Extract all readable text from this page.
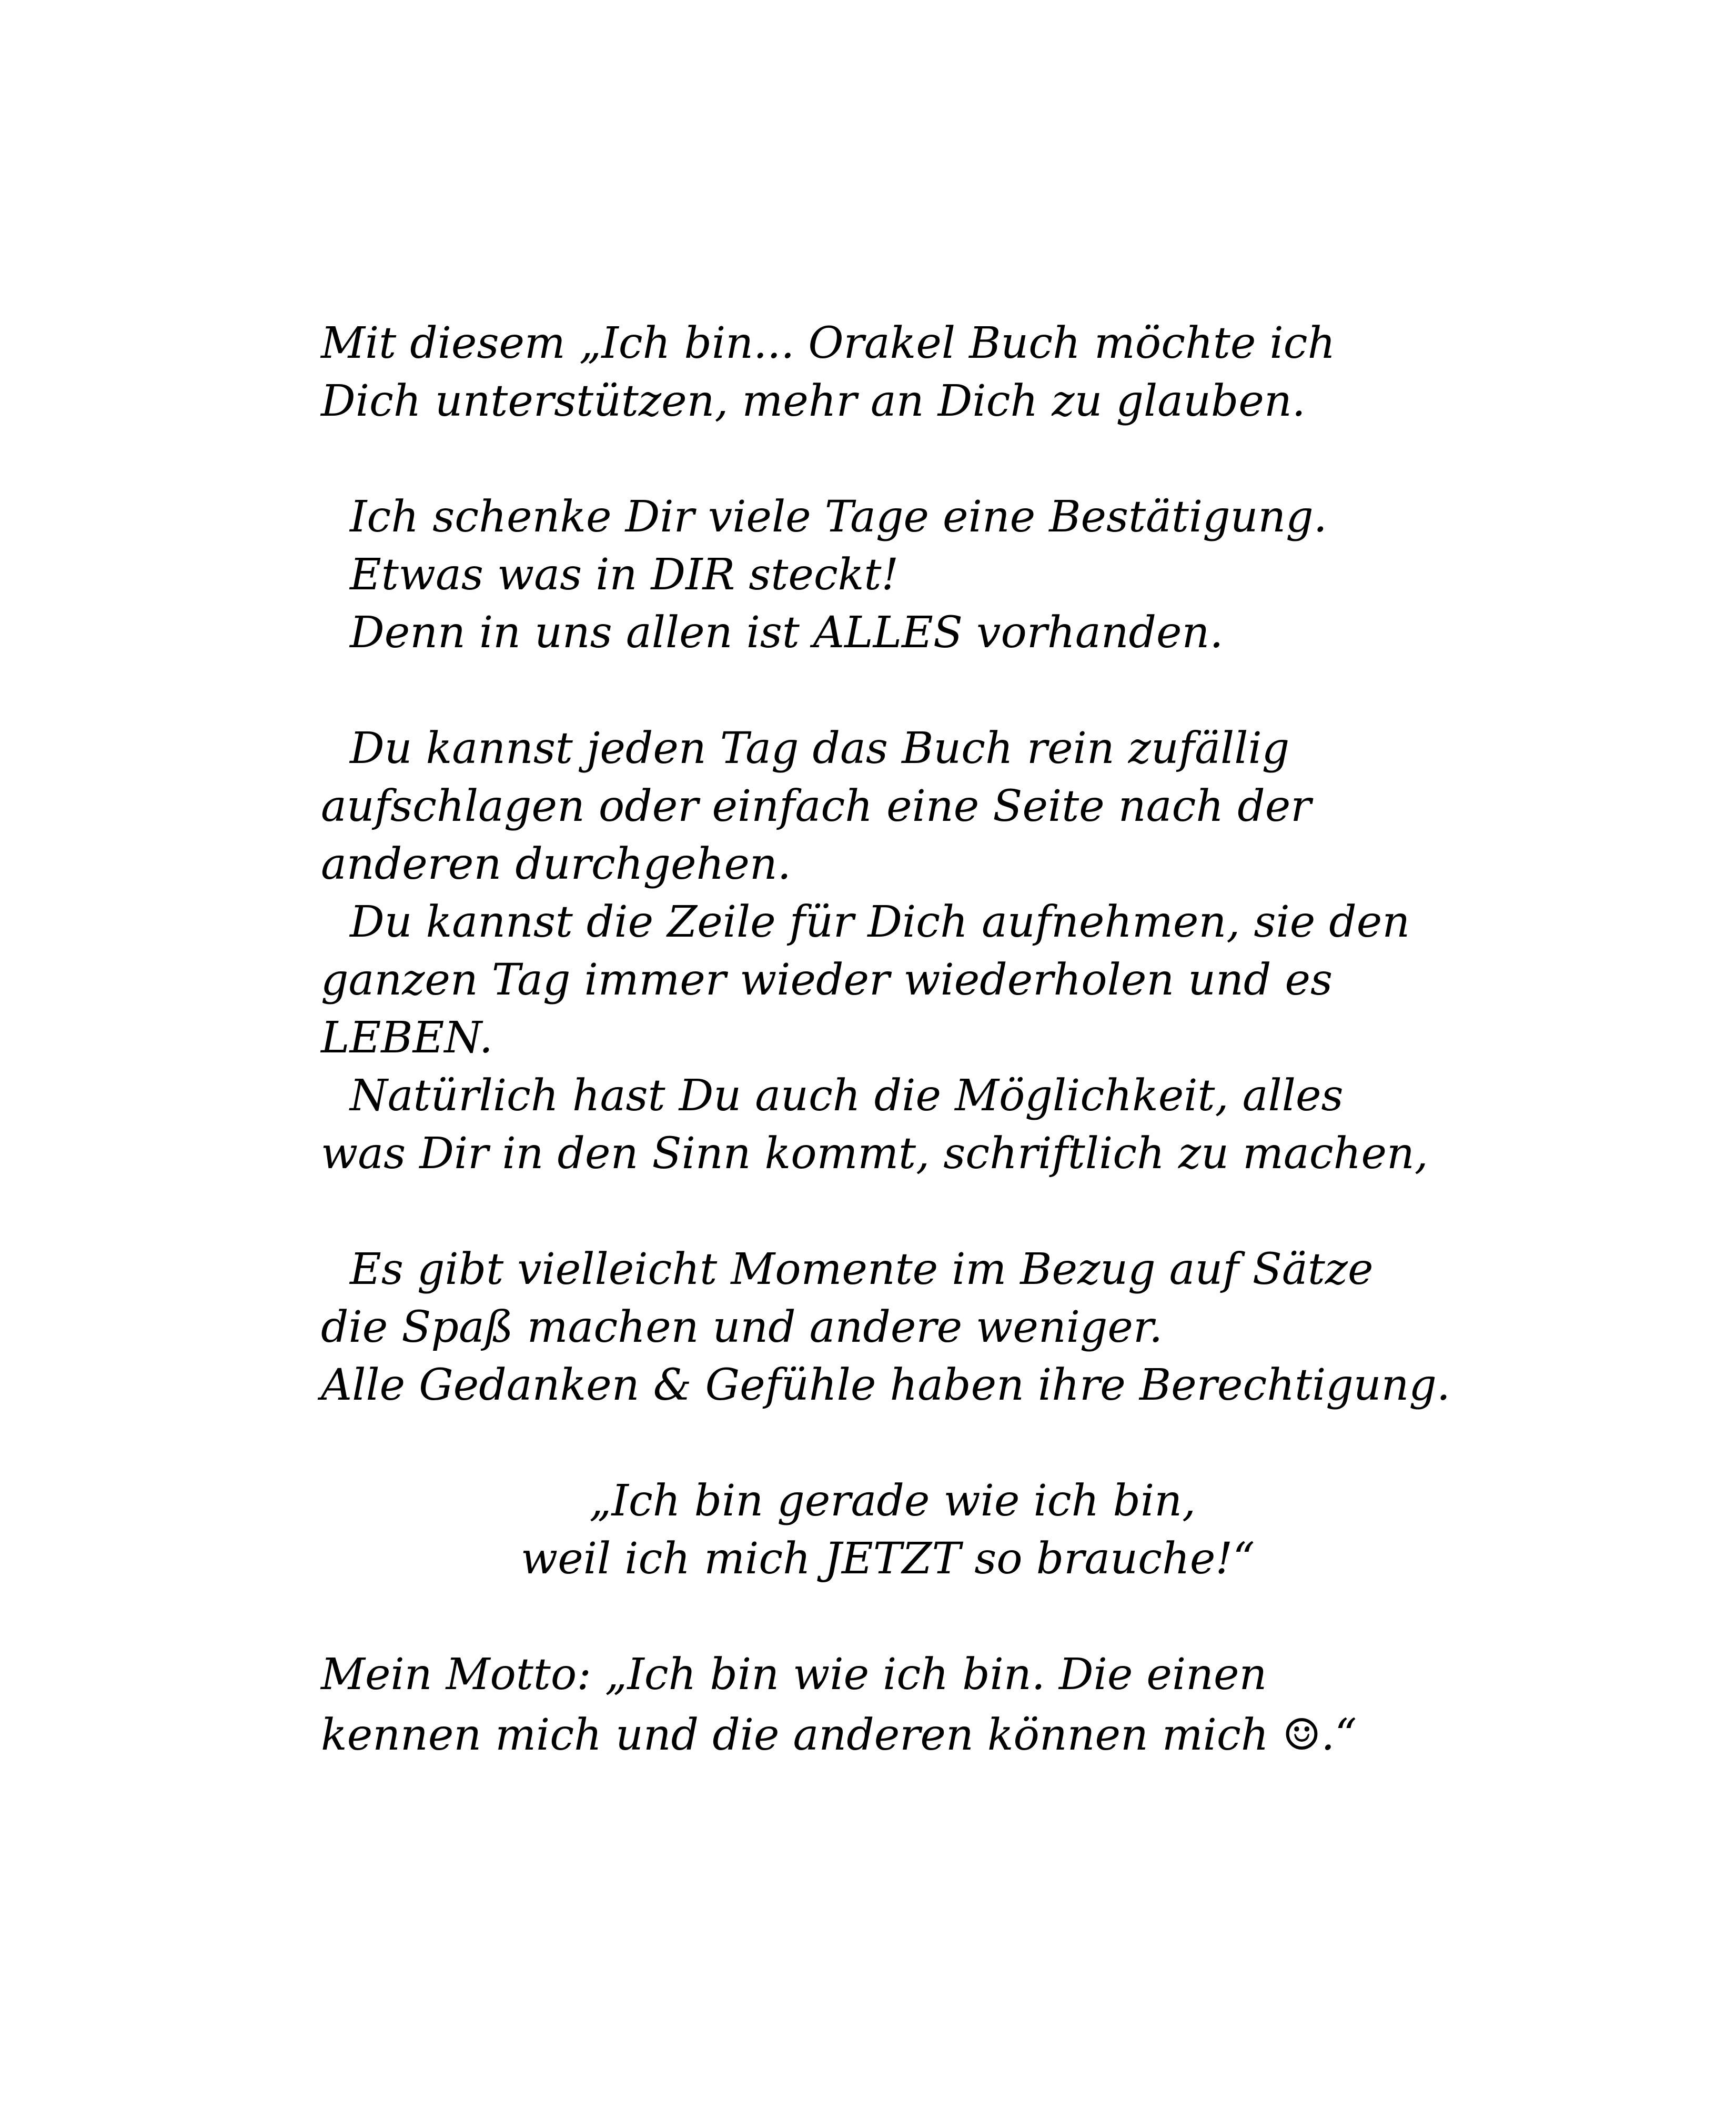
Mit diesem „Ich bin... Orakel Buch möchte ich
Dich unterstützen, mehr an Dich zu glauben.
Ich schenke Dir viele Tage eine Bestätigung.
Etwas was in DIR steckt!
Denn in uns allen ist ALLES vorhanden.
Du kannst jeden Tag das Buch rein zufällig
aufschlagen oder einfach eine Seite nach der
anderen durchgehen.
Du kannst die Zeile für Dich aufnehmen, sie den
ganzen Tag immer wieder wiederholen und es
LEBEN.
Natürlich hast Du auch die Möglichkeit, alles
was Dir in den Sinn kommt, schriftlich zu machen,
Es gibt vielleicht Momente im Bezug auf Sätze
die Spaß machen und andere weniger.
Alle Gedanken & Gefühle haben ihre Berechtigung.
„Ich bin gerade wie ich bin,
weil ich mich JETZT so brauche!“
Mein Motto: „Ich bin wie ich bin. Die einen
kennen mich und die anderen können mich ☺.“
